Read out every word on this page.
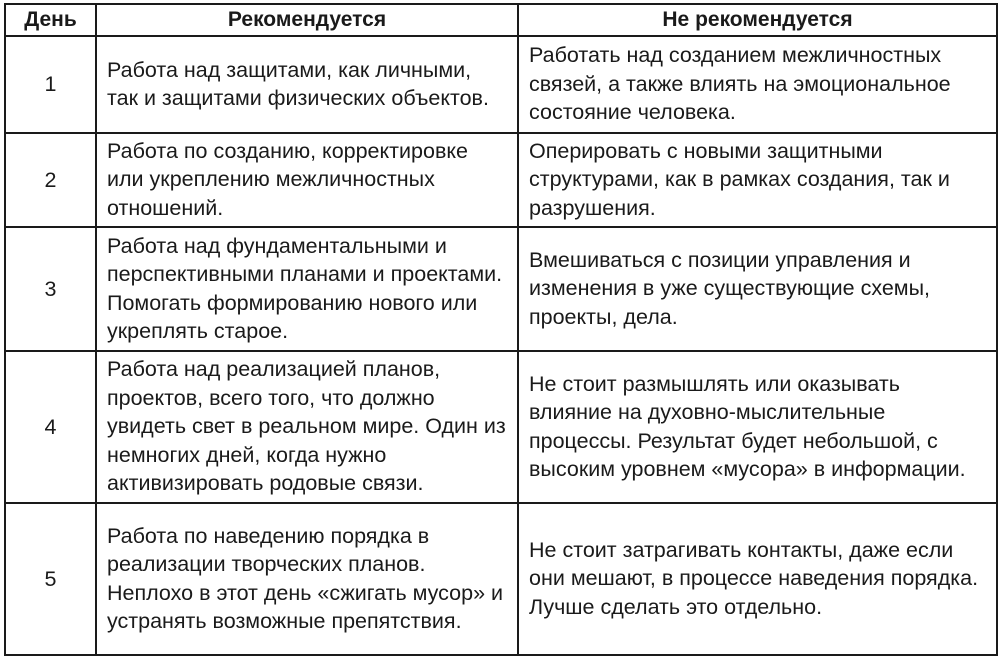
День	Рекомендуется	Не рекомендуется
1	Работа над защитами, как личными, так и защитами физических объектов.	Работать над созданием межличностных связей, а также влиять на эмоциональное состояние человека.
2	Работа по созданию, корректировке или укреплению межличностных отношений.	Оперировать с новыми защитными структурами, как в рамках создания, так и разрушения.
3	Работа над фундаментальными и перспективными планами и проектами. Помогать формированию нового или укреплять старое.	Вмешиваться с позиции управления и изменения в уже существующие схемы, проекты, дела.
4	Работа над реализацией планов, проектов, всего того, что должно увидеть свет в реальном мире. Один из немногих дней, когда нужно активизировать родовые связи.	Не стоит размышлять или оказывать влияние на духовно-мыслительные процессы. Результат будет небольшой, с высоким уровнем «мусора» в информации.
5	Работа по наведению порядка в реализации творческих планов. Неплохо в этот день «сжигать мусор» и устранять возможные препятствия.	Не стоит затрагивать контакты, даже если они мешают, в процессе наведения порядка. Лучше сделать это отдельно.
